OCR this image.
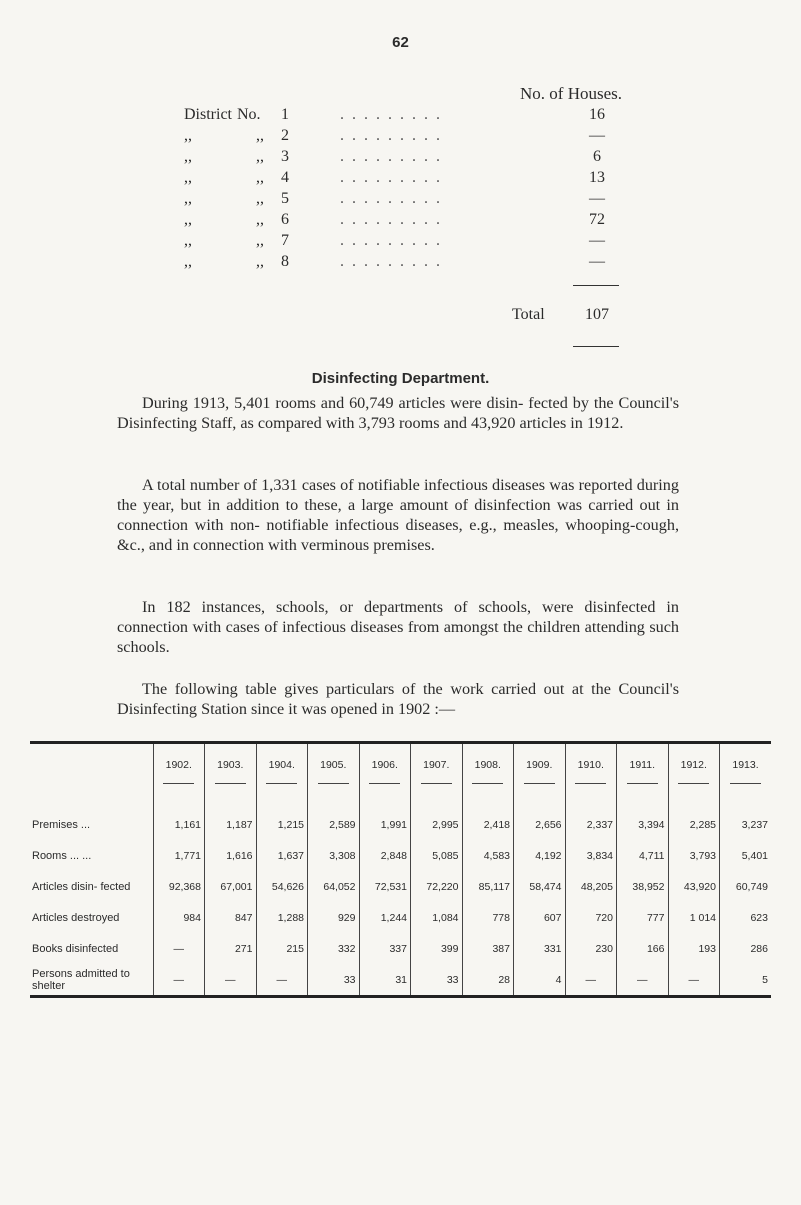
62
No. of Houses.
District No. 1	. . . . . . . . .	16
,,	,, 2	. . . . . . . . .	—
,,	,, 3	. . . . . . . . .	6
,,	,, 4	. . . . . . . . .	13
,,	,, 5	. . . . . . . . .	—
,,	,, 6	. . . . . . . . .	72
,,	,, 7	. . . . . . . . .	—
,,	,, 8	. . . . . . . . .	—
Total	107
Disinfecting Department.

During 1913, 5,401 rooms and 60,749 articles were disin- fected by the Council's Disinfecting Staff, as compared with 3,793 rooms and 43,920 articles in 1912.

A total number of 1,331 cases of notifiable infectious diseases was reported during the year, but in addition to these, a large amount of disinfection was carried out in connection with non- notifiable infectious diseases, e.g., measles, whooping-cough, &c., and in connection with verminous premises.

In 182 instances, schools, or departments of schools, were disinfected in connection with cases of infectious diseases from amongst the children attending such schools.

The following table gives particulars of the work carried out at the Council's Disinfecting Station since it was opened in 1902 :—

	1902.	1903.	1904.	1905.	1906.	1907.	1908.	1909.	1910.	1911.	1912.	1913.

Premises ...	1,161	1,187	1,215	2,589	1,991	2,995	2,418	2,656	2,337	3,394	2,285	3,237
Rooms ... ...	1,771	1,616	1,637	3,308	2,848	5,085	4,583	4,192	3,834	4,711	3,793	5,401
Articles disin- fected	92,368	67,001	54,626	64,052	72,531	72,220	85,117	58,474	48,205	38,952	43,920	60,749
Articles destroyed	984	847	1,288	929	1,244	1,084	778	607	720	777	1 014	623
Books disinfected	—	271	215	332	337	399	387	331	230	166	193	286
Persons admitted to shelter	—	—	—	33	31	33	28	4	—	—	—	5
